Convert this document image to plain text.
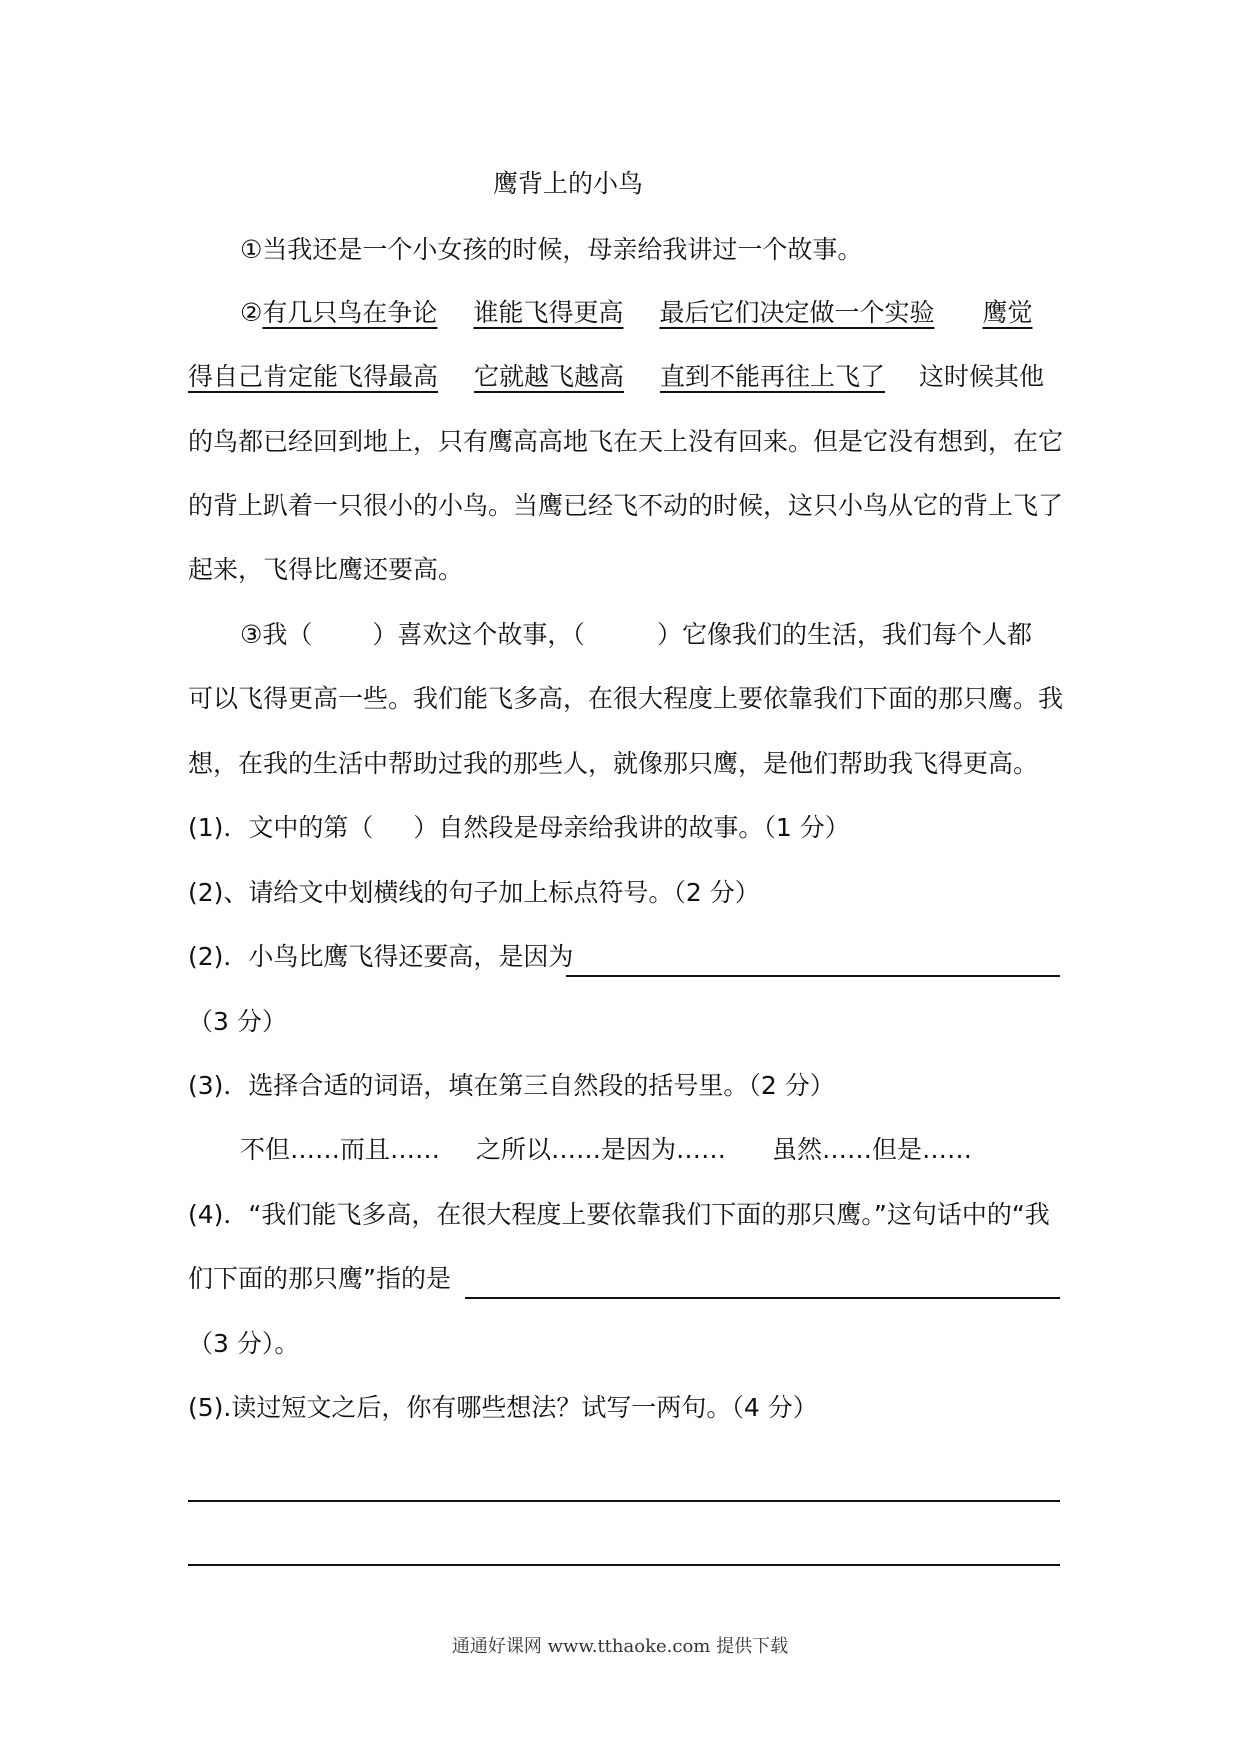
鹰背上的小鸟
①当我还是一个小女孩的时候，母亲给我讲过一个故事。
②有几只鸟在争论 谁能飞得更高 最后它们决定做一个实验 鹰觉
得自己肯定能飞得最高 它就越飞越高 直到不能再往上飞了 这时候其他
的鸟都已经回到地上，只有鹰高高地飞在天上没有回来。但是它没有想到，在它
的背上趴着一只很小的小鸟。当鹰已经飞不动的时候，这只小鸟从它的背上飞了
起来，飞得比鹰还要高。
③我（ ）喜欢这个故事，（	）它像我们的生活，我们每个人都
可以飞得更高一些。我们能飞多高，在很大程度上要依靠我们下面的那只鹰。我
想，在我的生活中帮助过我的那些人，就像那只鹰，是他们帮助我飞得更高。
(1)．文中的第（ ）自然段是母亲给我讲的故事。（1 分）
(2)、请给文中划横线的句子加上标点符号。（2 分）
(2)．小鸟比鹰飞得还要高，是因为
（3 分）
(3)．选择合适的词语，填在第三自然段的括号里。（2 分）
不但……而且…… 之所以……是因为…… 虽然……但是……
(4)．“我们能飞多高，在很大程度上要依靠我们下面的那只鹰。”这句话中的“我
们下面的那只鹰”指的是
（3 分）。
(5).读过短文之后，你有哪些想法？试写一两句。（4 分）
通通好课网 www.tthaoke.com 提供下载
